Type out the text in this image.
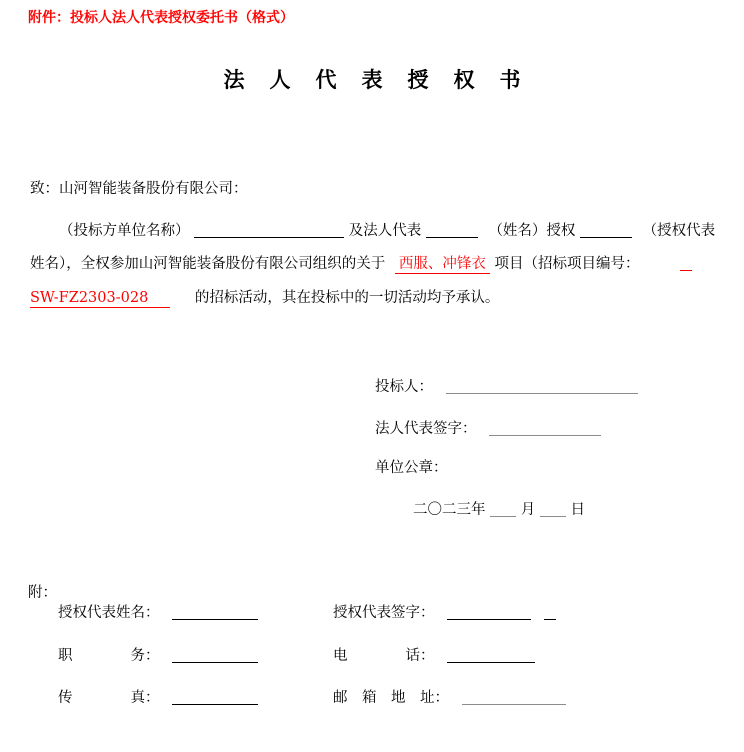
附件：投标人法人代表授权委托书（格式）
法人代表授权书
致：山河智能装备股份有限公司：
（投标方单位名称）	及法人代表	（姓名）授权	（授权代表
姓名），全权参加山河智能装备股份有限公司组织的关于 西服、冲锋衣 项目（招标项目编号：
SW-FZ2303-028	的招标活动，其在投标中的一切活动均予承认。
投标人：
法人代表签字：
单位公章：
二〇二三年 月 日
附：
授权代表姓名：	授权代表签字：
职　　　　务：	电　　　　话：
传　　　　真：	邮　箱　地　址：
